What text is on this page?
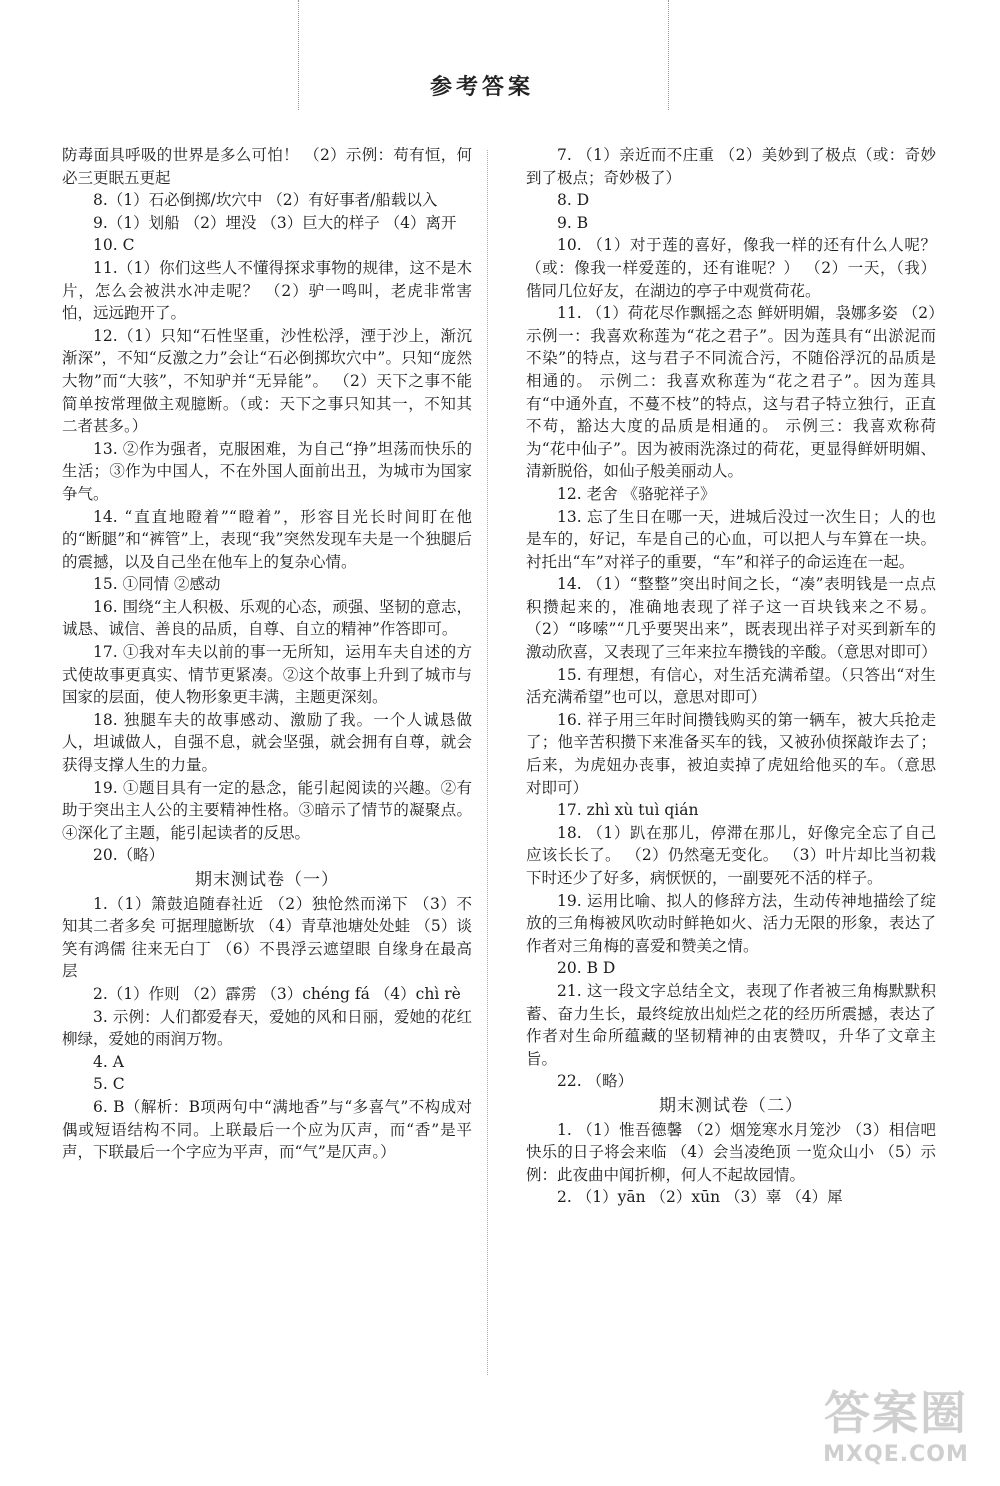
参考答案

防毒面具呼吸的世界是多么可怕！ （2）示例：苟有恒，何必三更眠五更起

8.（1）石必倒掷/坎穴中 （2）有好事者/船载以入

9.（1）划船 （2）埋没 （3）巨大的样子 （4）离开

10. C

11.（1）你们这些人不懂得探求事物的规律，这不是木片，怎么会被洪水冲走呢？ （2）驴一鸣叫，老虎非常害怕，远远跑开了。

12.（1）只知“石性坚重，沙性松浮，湮于沙上，渐沉渐深”，不知“反激之力”会让“石必倒掷坎穴中”。只知“庞然大物”而“大骇”，不知驴并“无异能”。 （2）天下之事不能简单按常理做主观臆断。（或：天下之事只知其一，不知其二者甚多。）

13. ②作为强者，克服困难，为自己“挣”坦荡而快乐的生活；③作为中国人，不在外国人面前出丑，为城市为国家争气。

14. “直直地瞪着”“瞪着”，形容目光长时间盯在他的“断腿”和“裤管”上，表现“我”突然发现车夫是一个独腿后的震撼，以及自己坐在他车上的复杂心情。

15. ①同情 ②感动

16. 围绕“主人积极、乐观的心态，顽强、坚韧的意志，诚恳、诚信、善良的品质，自尊、自立的精神”作答即可。

17. ①我对车夫以前的事一无所知，运用车夫自述的方式使故事更真实、情节更紧凑。②这个故事上升到了城市与国家的层面，使人物形象更丰满，主题更深刻。

18. 独腿车夫的故事感动、激励了我。一个人诚恳做人，坦诚做人，自强不息，就会坚强，就会拥有自尊，就会获得支撑人生的力量。

19. ①题目具有一定的悬念，能引起阅读的兴趣。②有助于突出主人公的主要精神性格。③暗示了情节的凝聚点。④深化了主题，能引起读者的反思。

20.（略）

期末测试卷（一）

1.（1）箫鼓追随春社近 （2）独怆然而涕下 （3）不知其二者多矣 可据理臆断欤 （4）青草池塘处处蛙 （5）谈笑有鸿儒 往来无白丁 （6）不畏浮云遮望眼 自缘身在最高层

2.（1）作则 （2）霹雳 （3）chéng fá （4）chì rè

3. 示例：人们都爱春天，爱她的风和日丽，爱她的花红柳绿，爱她的雨润万物。

4. A

5. C

6. B（解析：B项两句中“满地香”与“多喜气”不构成对偶或短语结构不同。上联最后一个应为仄声，而“香”是平声，下联最后一个字应为平声，而“气”是仄声。）

7. （1）亲近而不庄重 （2）美妙到了极点（或：奇妙到了极点；奇妙极了）

8. D

9. B

10. （1）对于莲的喜好，像我一样的还有什么人呢？（或：像我一样爱莲的，还有谁呢？） （2）一天，（我）偕同几位好友，在湖边的亭子中观赏荷花。

11. （1）荷花尽作飘摇之态 鲜妍明媚，袅娜多姿 （2）示例一：我喜欢称莲为“花之君子”。因为莲具有“出淤泥而不染”的特点，这与君子不同流合污，不随俗浮沉的品质是相通的。 示例二：我喜欢称莲为“花之君子”。因为莲具有“中通外直，不蔓不枝”的特点，这与君子特立独行，正直不苟，豁达大度的品质是相通的。 示例三：我喜欢称荷为“花中仙子”。因为被雨洗涤过的荷花，更显得鲜妍明媚、清新脱俗，如仙子般美丽动人。

12. 老舍 《骆驼祥子》

13. 忘了生日在哪一天，进城后没过一次生日；人的也是车的，好记，车是自己的心血，可以把人与车算在一块。衬托出“车”对祥子的重要，“车”和祥子的命运连在一起。

14. （1）“整整”突出时间之长，“凑”表明钱是一点点积攒起来的，准确地表现了祥子这一百块钱来之不易。 （2）“哆嗦”“几乎要哭出来”，既表现出祥子对买到新车的激动欣喜，又表现了三年来拉车攒钱的辛酸。（意思对即可）

15. 有理想，有信心，对生活充满希望。（只答出“对生活充满希望”也可以，意思对即可）

16. 祥子用三年时间攒钱购买的第一辆车，被大兵抢走了；他辛苦积攒下来准备买车的钱，又被孙侦探敲诈去了；后来，为虎妞办丧事，被迫卖掉了虎妞给他买的车。（意思对即可）

17. zhì xù tuì qián

18. （1）趴在那儿，停滞在那儿，好像完全忘了自己应该长长了。 （2）仍然毫无变化。 （3）叶片却比当初栽下时还少了好多，病恹恹的，一副要死不活的样子。

19. 运用比喻、拟人的修辞方法，生动传神地描绘了绽放的三角梅被风吹动时鲜艳如火、活力无限的形象，表达了作者对三角梅的喜爱和赞美之情。

20. B D

21. 这一段文字总结全文，表现了作者被三角梅默默积蓄、奋力生长，最终绽放出灿烂之花的经历所震撼，表达了作者对生命所蕴藏的坚韧精神的由衷赞叹，升华了文章主旨。

22. （略）

期末测试卷（二）

1. （1）惟吾德馨 （2）烟笼寒水月笼沙 （3）相信吧 快乐的日子将会来临 （4）会当凌绝顶 一览众山小 （5）示例：此夜曲中闻折柳，何人不起故园情。

2. （1）yān （2）xūn （3）辜 （4）犀

答案圈
MXQE.COM
